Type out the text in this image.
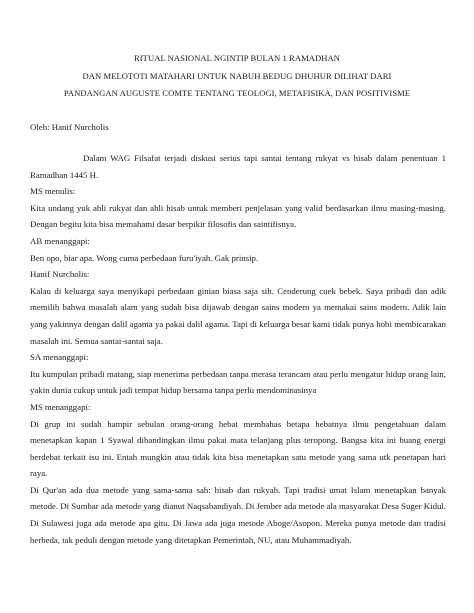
RITUAL NASIONAL NGINTIP BULAN 1 RAMADHAN
DAN MELOTOTI MATAHARI UNTUK NABUH BEDUG DHUHUR DILIHAT DARI
PANDANGAN AUGUSTE COMTE TENTANG TEOLOGI, METAFISIKA, DAN POSITIVISME
Oleh: Hanif Nurcholis

Dalam WAG Filsafat terjadi diskusi serius tapi santai tentang rukyat vs hisab dalam penentuan 1 Ramadhan 1445 H.

MS menulis:

Kita undang yuk ahli rukyat dan ahli hisab untuk memberi penjelasan yang valid berdasarkan ilmu masing-masing. Dengan begitu kita bisa memahami dasar berpikir filosofis dan saintifisnya.

AB menanggapi:

Ben opo, biar apa. Wong cuma perbedaan furu'iyah. Gak prinsip.

Hanif Nurcholis:

Kalau di keluarga saya menyikapi perbedaan ginian biasa saja sih. Cenderung cuek bebek. Saya pribadi dan adik memilih bahwa masalah alam yang sudah bisa dijawab dengan sains modern ya memakai sains modern. Adik lain yang yakinnya dengan dalil agama ya pakai dalil agama. Tapi di keluarga besar kami tidak punya hobi membicarakan masalah ini. Semua santai-santai saja.

SA menanggapi:

Itu kumpulan pribadi matang, siap menerima perbedaan tanpa merasa terancam atau perlu mengatur hidup orang lain, yakin dunia cukup untuk jadi tempat hidup bersama tanpa perlu mendominasinya

MS menanggapi:

Di grup ini sudah hampir sebulan orang-orang hebat membahas betapa hebatnya ilmu pengetahuan dalam menetapkan kapan 1 Syawal dibandingkan ilmu pakai mata telanjang plus teropong. Bangsa kita ini buang energi berdebat terkait isu ini. Entah mungkin atau tidak kita bisa menetapkan satu metode yang sama utk penetapan hari raya.

Di Qur'an ada dua metode yang sama-sama sah: hisab dan rukyah. Tapi tradisi umat Islam menetapkan banyak metode. Di Sumbar ada metode yang dianut Naqsabandiyah. Di Jember ada metode ala masyarakat Desa Suger Kidul. Di Sulawesi juga ada metode apa gitu. Di Jawa ada juga metode Aboge/Asopon. Mereka punya metode dan tradisi berbeda, tak peduli dengan metode yang ditetapkan Pemerintah, NU, atau Muhammadiyah.
